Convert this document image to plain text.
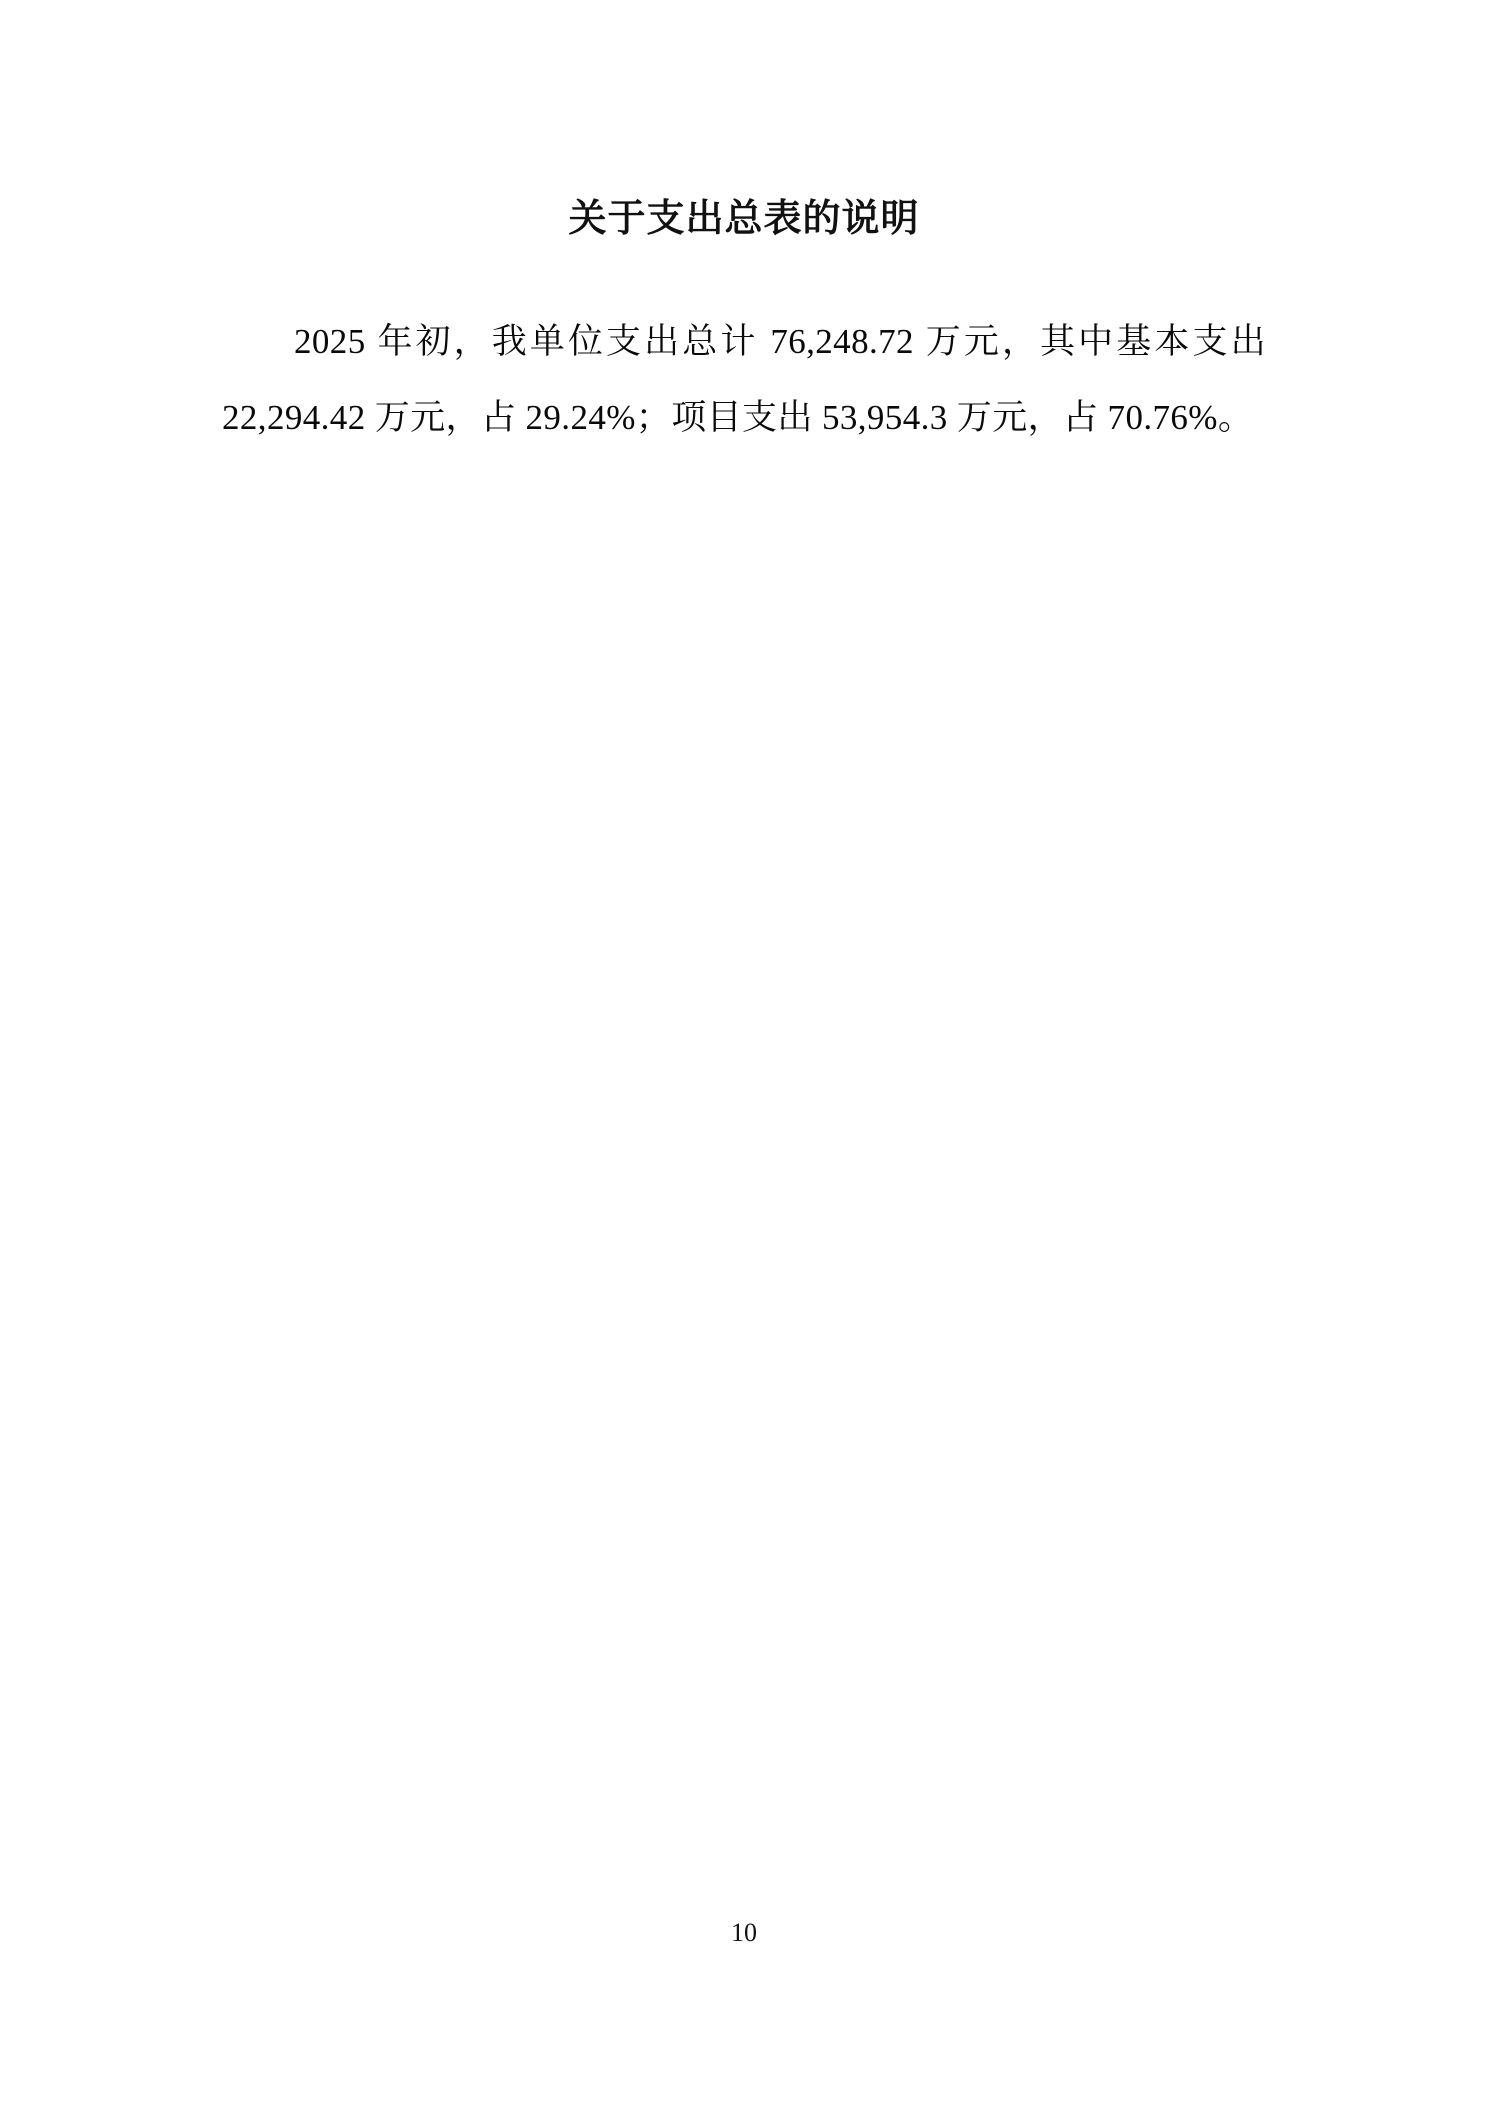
关于支出总表的说明

2025 年初，我单位支出总计 76,248.72 万元，其中基本支出 22,294.42 万元，占 29.24%；项目支出 53,954.3 万元，占 70.76%。

10
